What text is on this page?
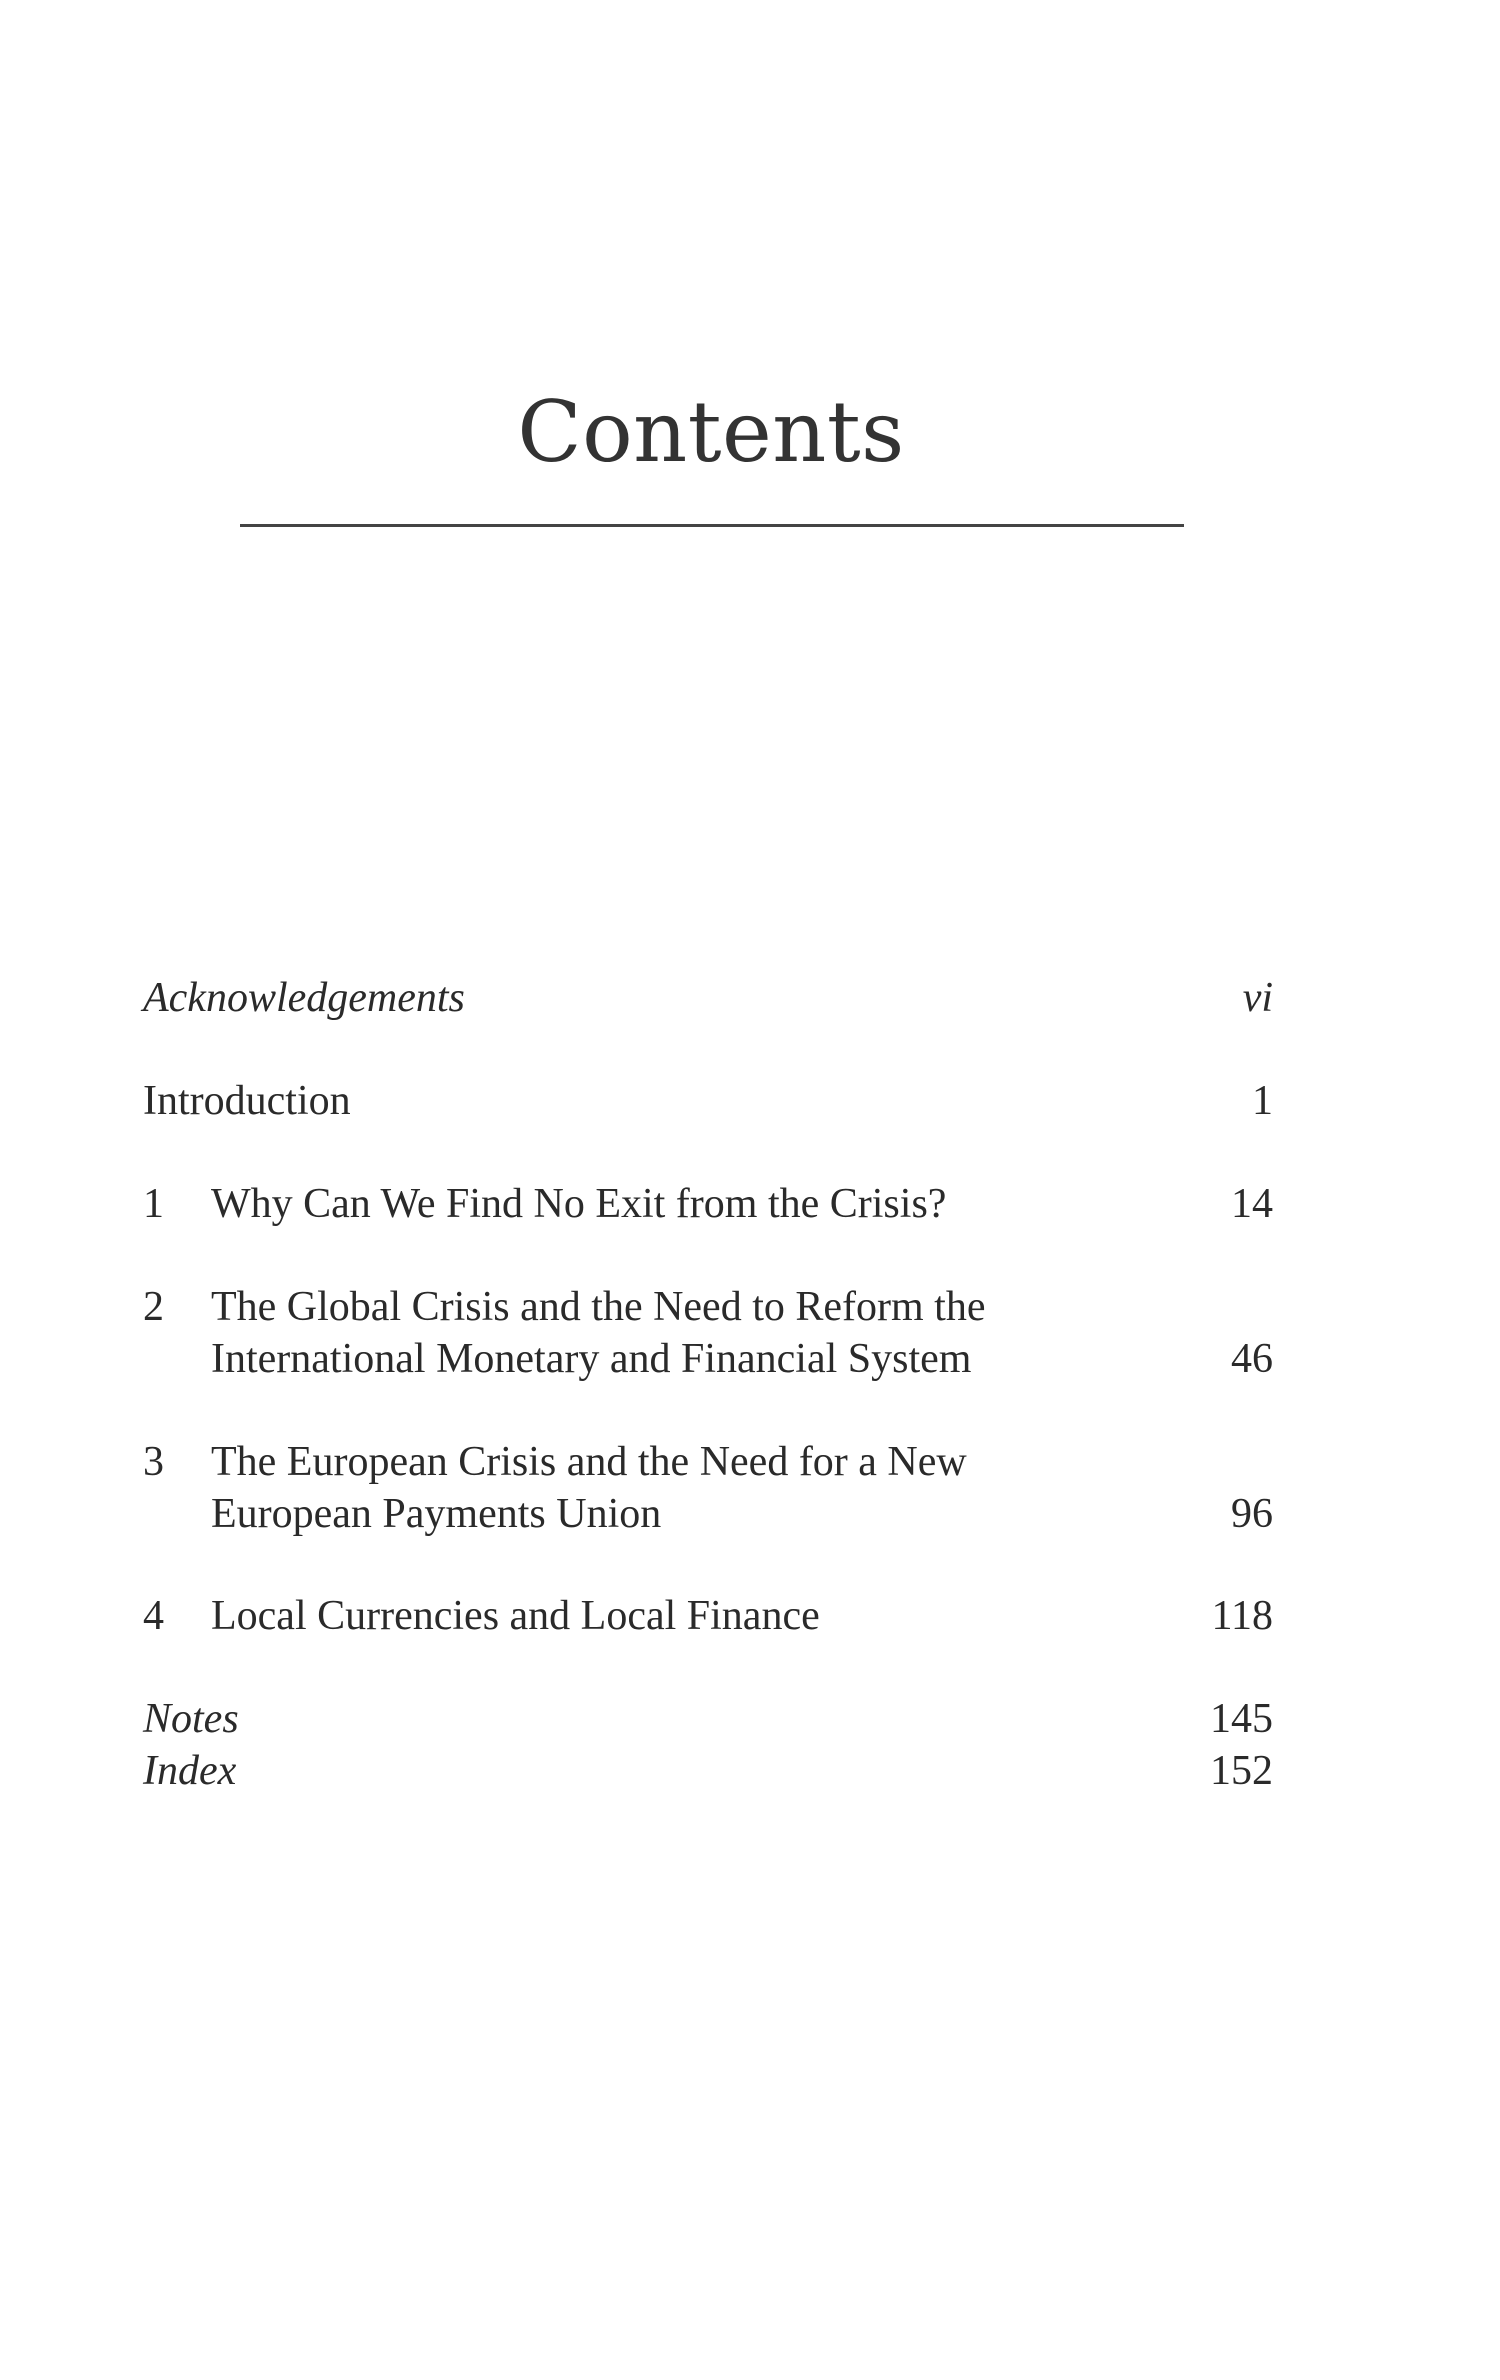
Contents
Acknowledgements	vi
Introduction	1
1	Why Can We Find No Exit from the Crisis?	14
2	The Global Crisis and the Need to Reform the
International Monetary and Financial System	46
3	The European Crisis and the Need for a New
European Payments Union	96
4	Local Currencies and Local Finance	118
Notes	145
Index	152
